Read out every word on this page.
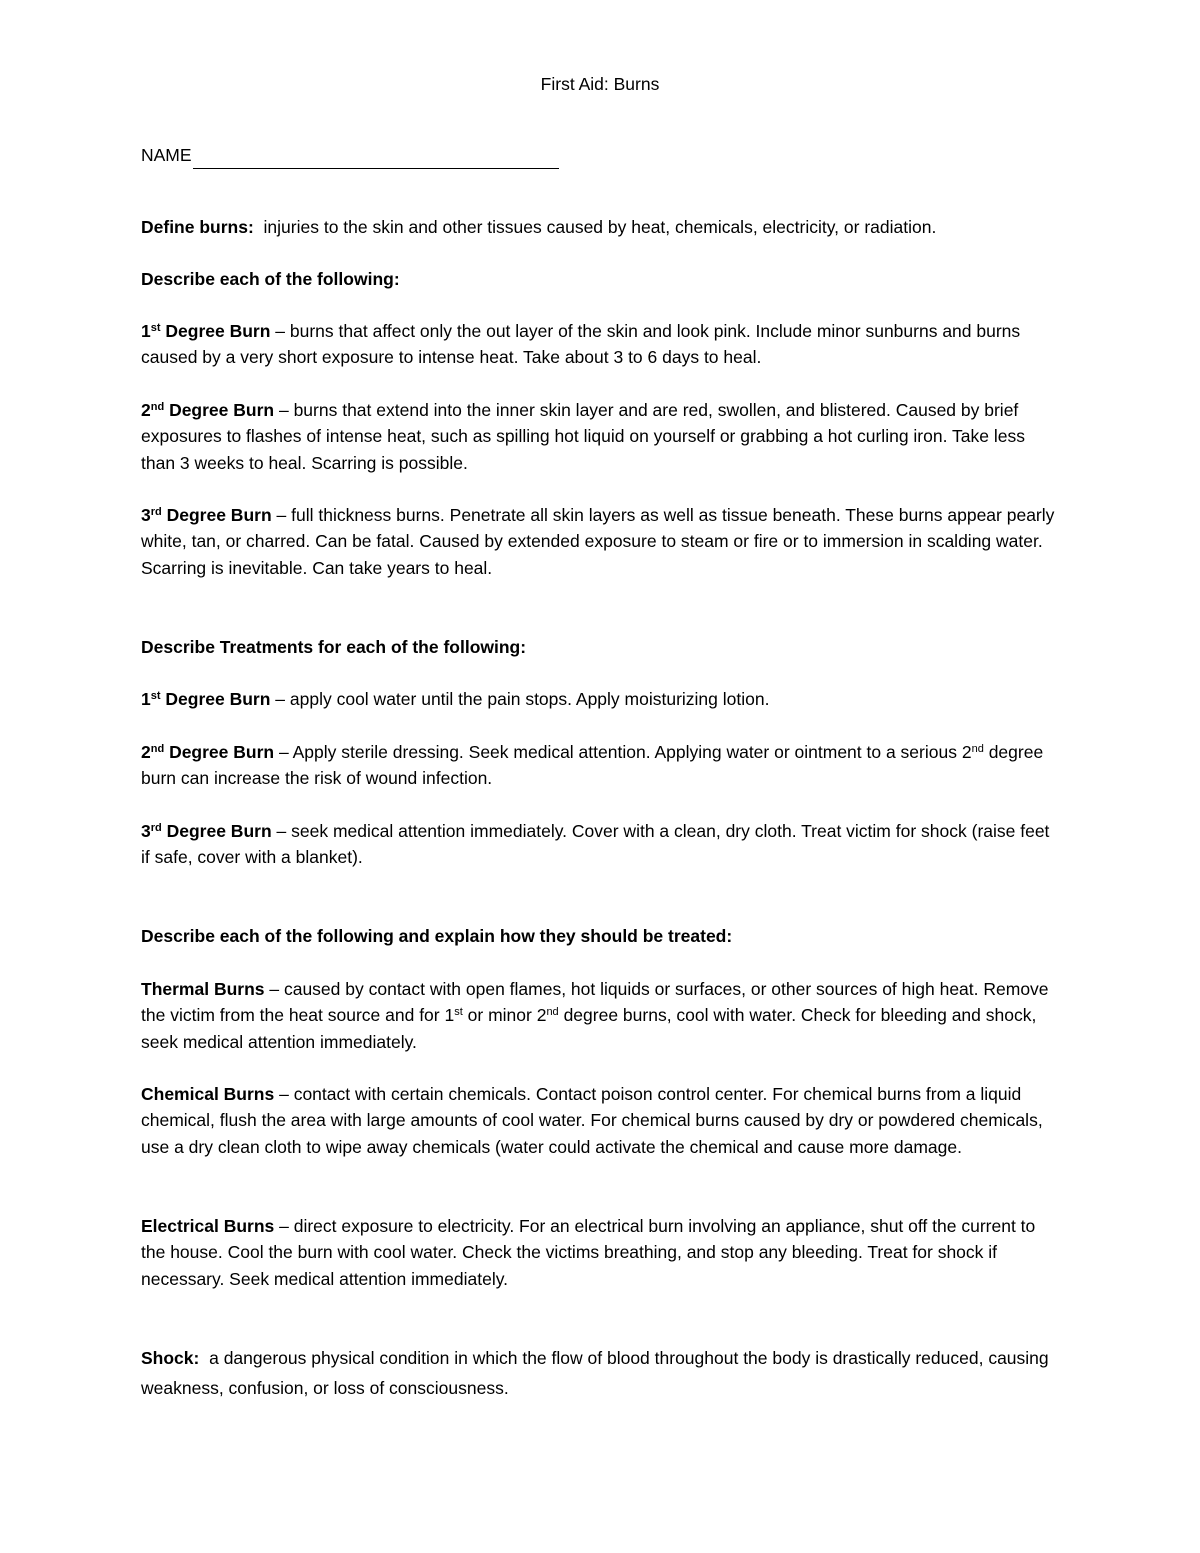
First Aid: Burns
NAME

Define burns: injuries to the skin and other tissues caused by heat, chemicals, electricity, or radiation.

Describe each of the following:

1st Degree Burn – burns that affect only the out layer of the skin and look pink. Include minor sunburns and burns caused by a very short exposure to intense heat. Take about 3 to 6 days to heal.

2nd Degree Burn – burns that extend into the inner skin layer and are red, swollen, and blistered. Caused by brief exposures to flashes of intense heat, such as spilling hot liquid on yourself or grabbing a hot curling iron. Take less than 3 weeks to heal. Scarring is possible.

3rd Degree Burn – full thickness burns. Penetrate all skin layers as well as tissue beneath. These burns appear pearly white, tan, or charred. Can be fatal. Caused by extended exposure to steam or fire or to immersion in scalding water. Scarring is inevitable. Can take years to heal.

Describe Treatments for each of the following:

1st Degree Burn – apply cool water until the pain stops. Apply moisturizing lotion.

2nd Degree Burn – Apply sterile dressing. Seek medical attention. Applying water or ointment to a serious 2nd degree burn can increase the risk of wound infection.

3rd Degree Burn – seek medical attention immediately. Cover with a clean, dry cloth. Treat victim for shock (raise feet if safe, cover with a blanket).

Describe each of the following and explain how they should be treated:

Thermal Burns – caused by contact with open flames, hot liquids or surfaces, or other sources of high heat. Remove the victim from the heat source and for 1st or minor 2nd degree burns, cool with water. Check for bleeding and shock, seek medical attention immediately.

Chemical Burns – contact with certain chemicals. Contact poison control center. For chemical burns from a liquid chemical, flush the area with large amounts of cool water. For chemical burns caused by dry or powdered chemicals, use a dry clean cloth to wipe away chemicals (water could activate the chemical and cause more damage.

Electrical Burns – direct exposure to electricity. For an electrical burn involving an appliance, shut off the current to the house. Cool the burn with cool water. Check the victims breathing, and stop any bleeding. Treat for shock if necessary. Seek medical attention immediately.

Shock: a dangerous physical condition in which the flow of blood throughout the body is drastically reduced, causing weakness, confusion, or loss of consciousness.
